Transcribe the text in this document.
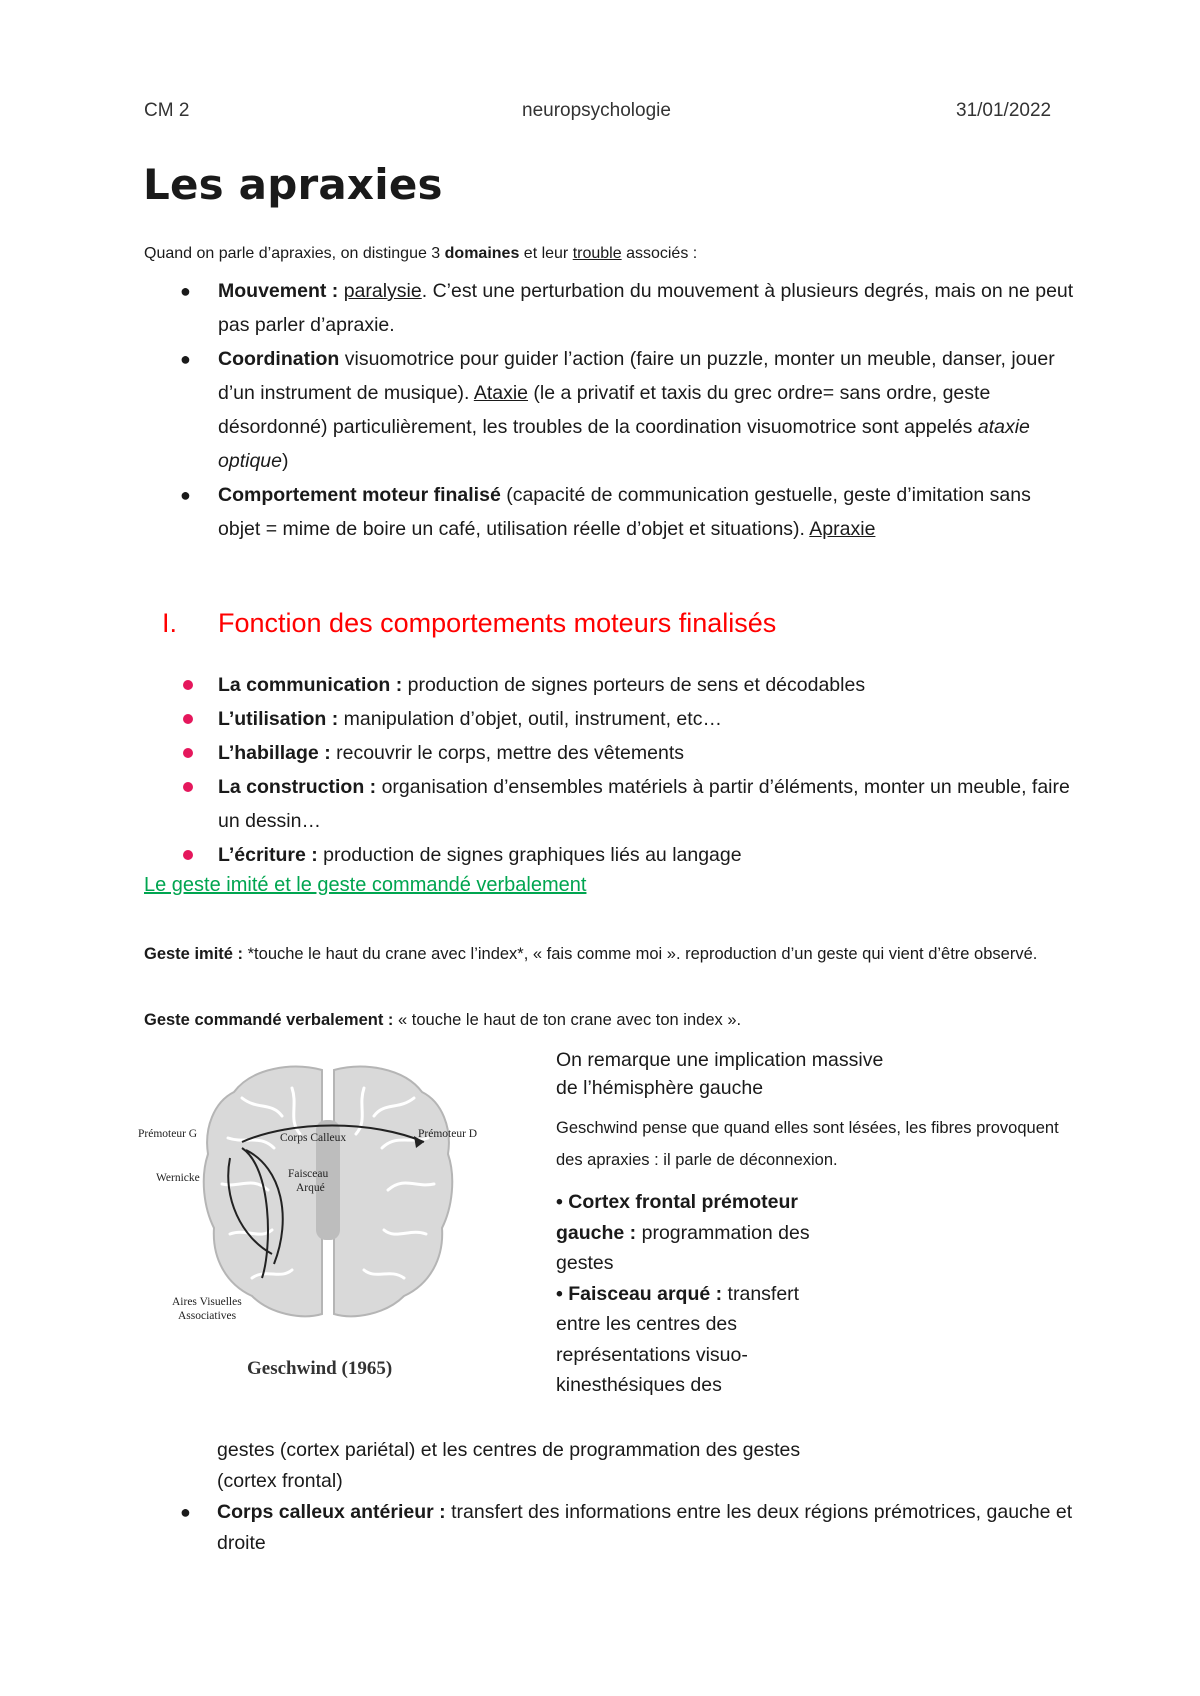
CM 2	neuropsychologie	31/01/2022
Les apraxies
Quand on parle d’apraxies, on distingue 3 domaines et leur trouble associés :
● Mouvement : paralysie. C’est une perturbation du mouvement à plusieurs degrés, mais on ne peut pas parler d’apraxie.
● Coordination visuomotrice pour guider l’action (faire un puzzle, monter un meuble, danser, jouer d’un instrument de musique). Ataxie (le a privatif et taxis du grec ordre= sans ordre, geste désordonné) particulièrement, les troubles de la coordination visuomotrice sont appelés ataxie optique)
● Comportement moteur finalisé (capacité de communication gestuelle, geste d’imitation sans objet = mime de boire un café, utilisation réelle d’objet et situations). Apraxie
I. Fonction des comportements moteurs finalisés
La communication : production de signes porteurs de sens et décodables
L’utilisation : manipulation d’objet, outil, instrument, etc…
L’habillage : recouvrir le corps, mettre des vêtements
La construction : organisation d’ensembles matériels à partir d’éléments, monter un meuble, faire un dessin…
L’écriture : production de signes graphiques liés au langage
Le geste imité et le geste commandé verbalement
Geste imité : *touche le haut du crane avec l’index*, « fais comme moi ». reproduction d’un geste qui vient d’être observé.
Geste commandé verbalement : « touche le haut de ton crane avec ton index ».
Prémoteur G	Corps Calleux	Prémoteur D
Wernicke	Faisceau
Arqué
Aires Visuelles
Associatives
Geschwind (1965)
On remarque une implication massive de l’hémisphère gauche
Geschwind pense que quand elles sont lésées, les fibres provoquent des apraxies : il parle de déconnexion.
• Cortex frontal prémoteur gauche : programmation des gestes
• Faisceau arqué : transfert entre les centres des représentations visuo-kinesthésiques des
gestes (cortex pariétal) et les centres de programmation des gestes (cortex frontal)
● Corps calleux antérieur : transfert des informations entre les deux régions prémotrices, gauche et droite
